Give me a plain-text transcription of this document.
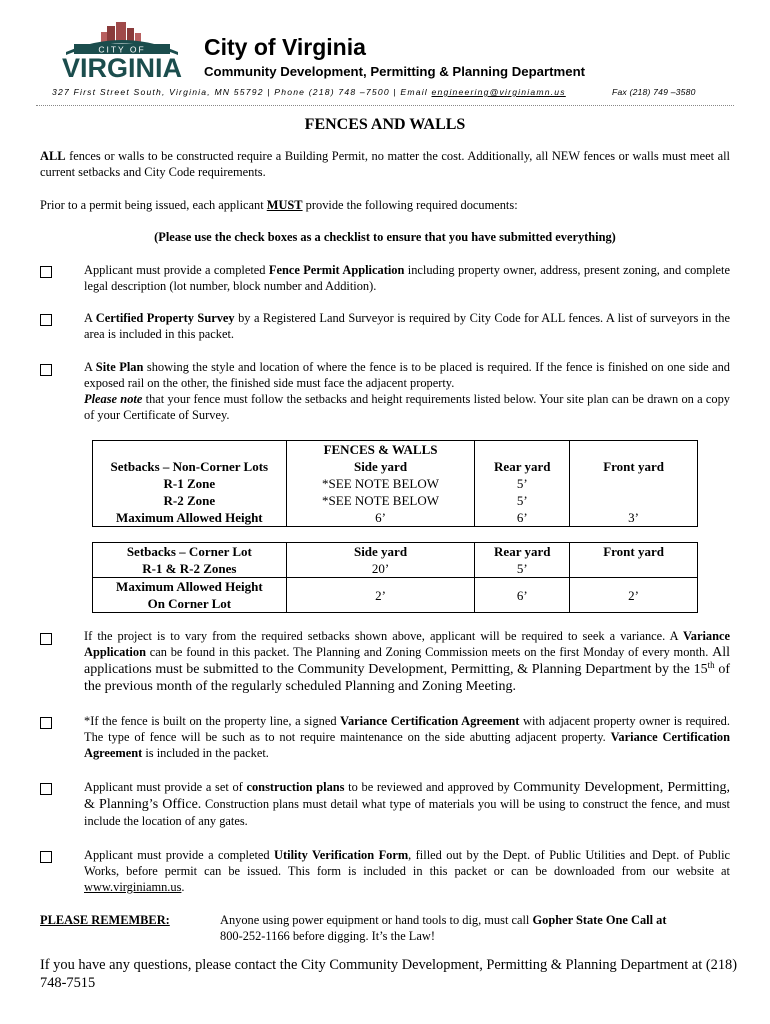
CITY OF
VIRGINIA
City of Virginia
Community Development, Permitting & Planning Department
327 First Street South, Virginia, MN 55792 | Phone (218) 748 –7500 | Email engineering@virginiamn.us	Fax (218) 749 –3580
FENCES AND WALLS
ALL fences or walls to be constructed require a Building Permit, no matter the cost. Additionally, all NEW fences or walls must meet all current setbacks and City Code requirements.
Prior to a permit being issued, each applicant MUST provide the following required documents:
(Please use the check boxes as a checklist to ensure that you have submitted everything)
Applicant must provide a completed Fence Permit Application including property owner, address, present zoning, and complete legal description (lot number, block number and Addition).
A Certified Property Survey by a Registered Land Surveyor is required by City Code for ALL fences. A list of surveyors in the area is included in this packet.
A Site Plan showing the style and location of where the fence is to be placed is required. If the fence is finished on one side and exposed rail on the other, the finished side must face the adjacent property.
Please note that your fence must follow the setbacks and height requirements listed below. Your site plan can be drawn on a copy of your Certificate of Survey.
	FENCES & WALLS		
Setbacks – Non-Corner Lots	Side yard	Rear yard	Front yard
R-1 Zone	*SEE NOTE BELOW	5’	
R-2 Zone	*SEE NOTE BELOW	5’	
Maximum Allowed Height	6’	6’	3’
Setbacks – Corner Lot	Side yard	Rear yard	Front yard
R-1 & R-2 Zones	20’	5’	
Maximum Allowed Height
On Corner Lot	2’	6’	2’
If the project is to vary from the required setbacks shown above, applicant will be required to seek a variance. A Variance Application can be found in this packet. The Planning and Zoning Commission meets on the first Monday of every month. All applications must be submitted to the Community Development, Permitting, & Planning Department by the 15th of the previous month of the regularly scheduled Planning and Zoning Meeting.
*If the fence is built on the property line, a signed Variance Certification Agreement with adjacent property owner is required. The type of fence will be such as to not require maintenance on the side abutting adjacent property. Variance Certification Agreement is included in the packet.
Applicant must provide a set of construction plans to be reviewed and approved by Community Development, Permitting, & Planning’s Office. Construction plans must detail what type of materials you will be using to construct the fence, and must include the location of any gates.
Applicant must provide a completed Utility Verification Form, filled out by the Dept. of Public Utilities and Dept. of Public Works, before permit can be issued. This form is included in this packet or can be downloaded from our website at www.virginiamn.us.
PLEASE REMEMBER:	Anyone using power equipment or hand tools to dig, must call Gopher State One Call at
800-252-1166 before digging. It’s the Law!
If you have any questions, please contact the City Community Development, Permitting & Planning Department at (218) 748-7515
